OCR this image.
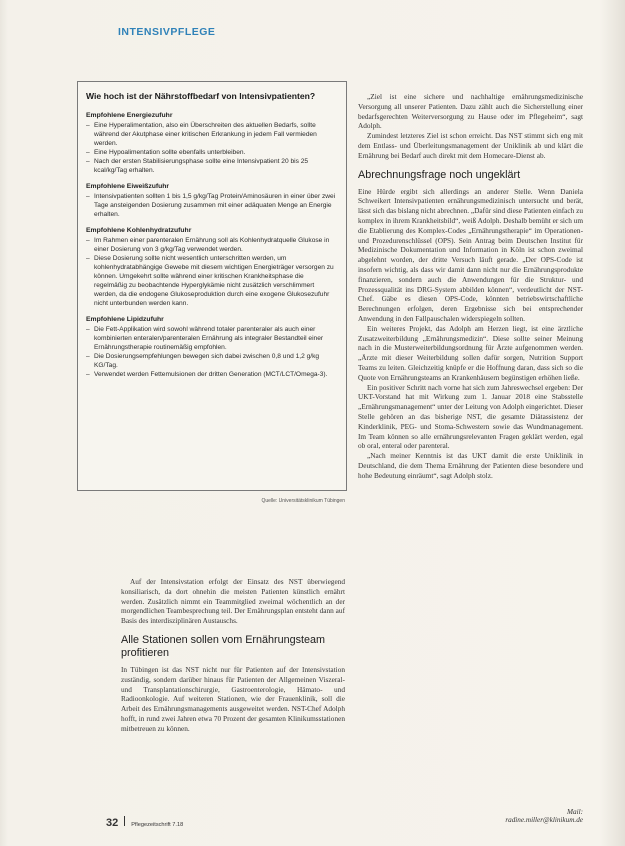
INTENSIVPFLEGE
Wie hoch ist der Nährstoffbedarf von Intensivpatienten?
Empfohlene Energiezufuhr
– Eine Hyperalimentation, also ein Überschreiten des aktuellen Bedarfs, sollte während der Akutphase einer kritischen Erkrankung in jedem Fall vermieden werden.
– Eine Hypoalimentation sollte ebenfalls unterbleiben.
– Nach der ersten Stabilisierungsphase sollte eine Intensivpatient 20 bis 25 kcal/kg/Tag erhalten.
Empfohlene Eiweißzufuhr
– Intensivpatienten sollten 1 bis 1,5 g/kg/Tag Protein/Aminosäuren in einer über zwei Tage ansteigenden Dosierung zusammen mit einer adäquaten Menge an Energie erhalten.
Empfohlene Kohlenhydratzufuhr
– Im Rahmen einer parenteralen Ernährung soll als Kohlenhydratquelle Glukose in einer Dosierung von 3 g/kg/Tag verwendet werden.
– Diese Dosierung sollte nicht wesentlich unterschritten werden, um kohlenhydratabhängige Gewebe mit diesem wichtigen Energieträger versorgen zu können. Umgekehrt sollte während einer kritischen Krankheitsphase die regelmäßig zu beobachtende Hyperglykämie nicht zusätzlich verschlimmert werden, da die endogene Glukoseproduktion durch eine exogene Glukosezufuhr nicht unterbunden werden kann.
Empfohlene Lipidzufuhr
– Die Fett-Applikation wird sowohl während totaler parenteraler als auch einer kombinierten enteralen/parenteralen Ernährung als integraler Bestandteil einer Ernährungstherapie routinemäßig empfohlen.
– Die Dosierungsempfehlungen bewegen sich dabei zwischen 0,8 und 1,2 g/kg KG/Tag.
– Verwendet werden Fettemulsionen der dritten Generation (MCT/LCT/Omega-3).
Quelle: Universitätsklinikum Tübingen

Auf der Intensivstation erfolgt der Einsatz des NST überwiegend konsiliarisch, da dort ohnehin die meisten Patienten künstlich ernährt werden. Zusätzlich nimmt ein Teammitglied zweimal wöchentlich an der morgendlichen Teambesprechung teil. Der Ernährungsplan entsteht dann auf Basis des interdisziplinären Austauschs.

Alle Stationen sollen vom Ernährungsteam profitieren

In Tübingen ist das NST nicht nur für Patienten auf der Intensivstation zuständig, sondern darüber hinaus für Patienten der Allgemeinen Viszeral- und Transplantationschirurgie, Gastroenterologie, Hämato- und Radioonkologie. Auf weiteren Stationen, wie der Frauenklinik, soll die Arbeit des Ernährungsmanagements ausgeweitet werden. NST-Chef Adolph hofft, in rund zwei Jahren etwa 70 Prozent der gesamten Klinikumsstationen mitbetreuen zu können.

„Ziel ist eine sichere und nachhaltige ernährungsmedizinische Versorgung all unserer Patienten. Dazu zählt auch die Sicherstellung einer bedarfsgerechten Weiterversorgung zu Hause oder im Pflegeheim“, sagt Adolph.

Zumindest letzteres Ziel ist schon erreicht. Das NST stimmt sich eng mit dem Entlass- und Überleitungsmanagement der Uniklinik ab und klärt die Ernährung bei Bedarf auch direkt mit dem Homecare-Dienst ab.

Abrechnungsfrage noch ungeklärt

Eine Hürde ergibt sich allerdings an anderer Stelle. Wenn Daniela Schweikert Intensivpatienten ernährungsmedizinisch untersucht und berät, lässt sich das bislang nicht abrechnen. „Dafür sind diese Patienten einfach zu komplex in ihrem Krankheitsbild“, weiß Adolph. Deshalb bemüht er sich um die Etablierung des Komplex-Codes „Ernährungstherapie“ im Operationen- und Prozedurenschlüssel (OPS). Sein Antrag beim Deutschen Institut für Medizinische Dokumentation und Information in Köln ist schon zweimal abgelehnt worden, der dritte Versuch läuft gerade. „Der OPS-Code ist insofern wichtig, als dass wir damit dann nicht nur die Ernährungsprodukte finanzieren, sondern auch die Anwendungen für die Struktur- und Prozessqualität ins DRG-System abbilden können“, verdeutlicht der NST-Chef. Gäbe es diesen OPS-Code, könnten betriebswirtschaftliche Berechnungen erfolgen, deren Ergebnisse sich bei entsprechender Anwendung in den Fallpauschalen widerspiegeln sollten.

Ein weiteres Projekt, das Adolph am Herzen liegt, ist eine ärztliche Zusatzweiterbildung „Ernährungsmedizin“. Diese sollte seiner Meinung nach in die Musterweiterbildungsordnung für Ärzte aufgenommen werden. „Ärzte mit dieser Weiterbildung sollen dafür sorgen, Nutrition Support Teams zu leiten. Gleichzeitig knüpfe er die Hoffnung daran, dass sich so die Quote von Ernährungsteams an Krankenhäusern begünstigen erhöhen ließe.

Ein positiver Schritt nach vorne hat sich zum Jahreswechsel ergeben: Der UKT-Vorstand hat mit Wirkung zum 1. Januar 2018 eine Stabsstelle „Ernährungsmanagement“ unter der Leitung von Adolph eingerichtet. Dieser Stelle gehören an das bisherige NST, die gesamte Diätassistenz der Kinderklinik, PEG- und Stoma-Schwestern sowie das Wundmanagement. Im Team können so alle ernährungsrelevanten Fragen geklärt werden, egal ob oral, enteral oder parenteral.

„Nach meiner Kenntnis ist das UKT damit die erste Uniklinik in Deutschland, die dem Thema Ernährung der Patienten diese besondere und hohe Bedeutung einräumt“, sagt Adolph stolz.

Mail: radine.miller@klinikum.de
32 Pflegezeitschrift 7.18
